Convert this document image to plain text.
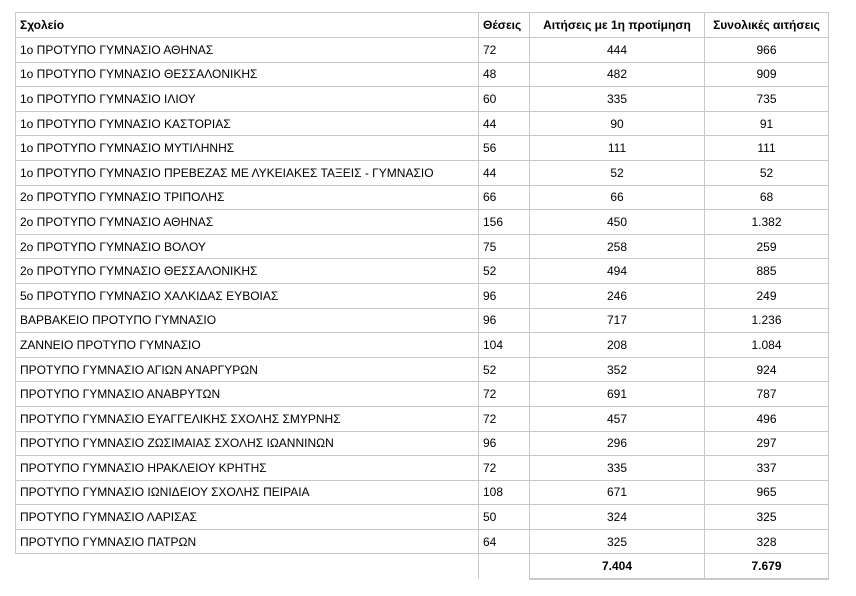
Σχολείο	Θέσεις	Αιτήσεις με 1η προτίμηση	Συνολικές αιτήσεις
1ο ΠΡΟΤΥΠΟ ΓΥΜΝΑΣΙΟ ΑΘΗΝΑΣ	72	444	966
1ο ΠΡΟΤΥΠΟ ΓΥΜΝΑΣΙΟ ΘΕΣΣΑΛΟΝΙΚΗΣ	48	482	909
1ο ΠΡΟΤΥΠΟ ΓΥΜΝΑΣΙΟ ΙΛΙΟΥ	60	335	735
1ο ΠΡΟΤΥΠΟ ΓΥΜΝΑΣΙΟ ΚΑΣΤΟΡΙΑΣ	44	90	91
1ο ΠΡΟΤΥΠΟ ΓΥΜΝΑΣΙΟ ΜΥΤΙΛΗΝΗΣ	56	111	111
1ο ΠΡΟΤΥΠΟ ΓΥΜΝΑΣΙΟ ΠΡΕΒΕΖΑΣ ΜΕ ΛΥΚΕΙΑΚΕΣ ΤΑΞΕΙΣ - ΓΥΜΝΑΣΙΟ	44	52	52
2ο ΠΡΟΤΥΠΟ ΓΥΜΝΑΣΙΟ ΤΡΙΠΟΛΗΣ	66	66	68
2ο ΠΡΟΤΥΠΟ ΓΥΜΝΑΣΙΟ ΑΘΗΝΑΣ	156	450	1.382
2ο ΠΡΟΤΥΠΟ ΓΥΜΝΑΣΙΟ ΒΟΛΟΥ	75	258	259
2ο ΠΡΟΤΥΠΟ ΓΥΜΝΑΣΙΟ ΘΕΣΣΑΛΟΝΙΚΗΣ	52	494	885
5ο ΠΡΟΤΥΠΟ ΓΥΜΝΑΣΙΟ ΧΑΛΚΙΔΑΣ ΕΥΒΟΙΑΣ	96	246	249
ΒΑΡΒΑΚΕΙΟ ΠΡΟΤΥΠΟ ΓΥΜΝΑΣΙΟ	96	717	1.236
ΖΑΝΝΕΙΟ ΠΡΟΤΥΠΟ ΓΥΜΝΑΣΙΟ	104	208	1.084
ΠΡΟΤΥΠΟ ΓΥΜΝΑΣΙΟ ΑΓΙΩΝ ΑΝΑΡΓΥΡΩΝ	52	352	924
ΠΡΟΤΥΠΟ ΓΥΜΝΑΣΙΟ ΑΝΑΒΡΥΤΩΝ	72	691	787
ΠΡΟΤΥΠΟ ΓΥΜΝΑΣΙΟ ΕΥΑΓΓΕΛΙΚΗΣ ΣΧΟΛΗΣ ΣΜΥΡΝΗΣ	72	457	496
ΠΡΟΤΥΠΟ ΓΥΜΝΑΣΙΟ ΖΩΣΙΜΑΙΑΣ ΣΧΟΛΗΣ ΙΩΑΝΝΙΝΩΝ	96	296	297
ΠΡΟΤΥΠΟ ΓΥΜΝΑΣΙΟ ΗΡΑΚΛΕΙΟΥ ΚΡΗΤΗΣ	72	335	337
ΠΡΟΤΥΠΟ ΓΥΜΝΑΣΙΟ ΙΩΝΙΔΕΙΟΥ ΣΧΟΛΗΣ ΠΕΙΡΑΙΑ	108	671	965
ΠΡΟΤΥΠΟ ΓΥΜΝΑΣΙΟ ΛΑΡΙΣΑΣ	50	324	325
ΠΡΟΤΥΠΟ ΓΥΜΝΑΣΙΟ ΠΑΤΡΩΝ	64	325	328
		7.404	7.679
